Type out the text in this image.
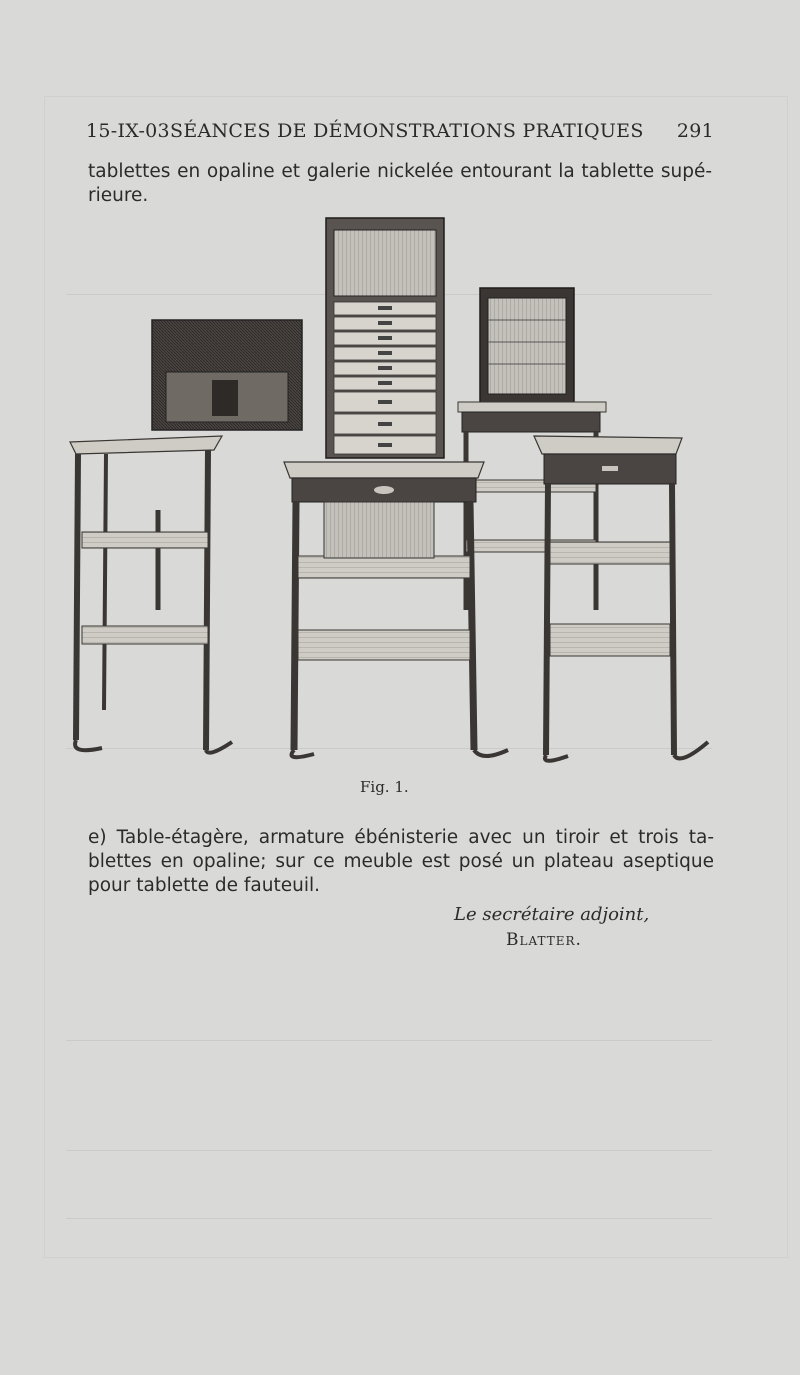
15-IX-03 SÉANCES DE DÉMONSTRATIONS PRATIQUES 291
tablettes en opaline et galerie nickelée entourant la tablette supé-
rieure.
Fig. 1.
e) Table-étagère, armature ébénisterie avec un tiroir et trois ta-
blettes en opaline; sur ce meuble est posé un plateau aseptique
pour tablette de fauteuil.
Le secrétaire adjoint,
Blatter.
